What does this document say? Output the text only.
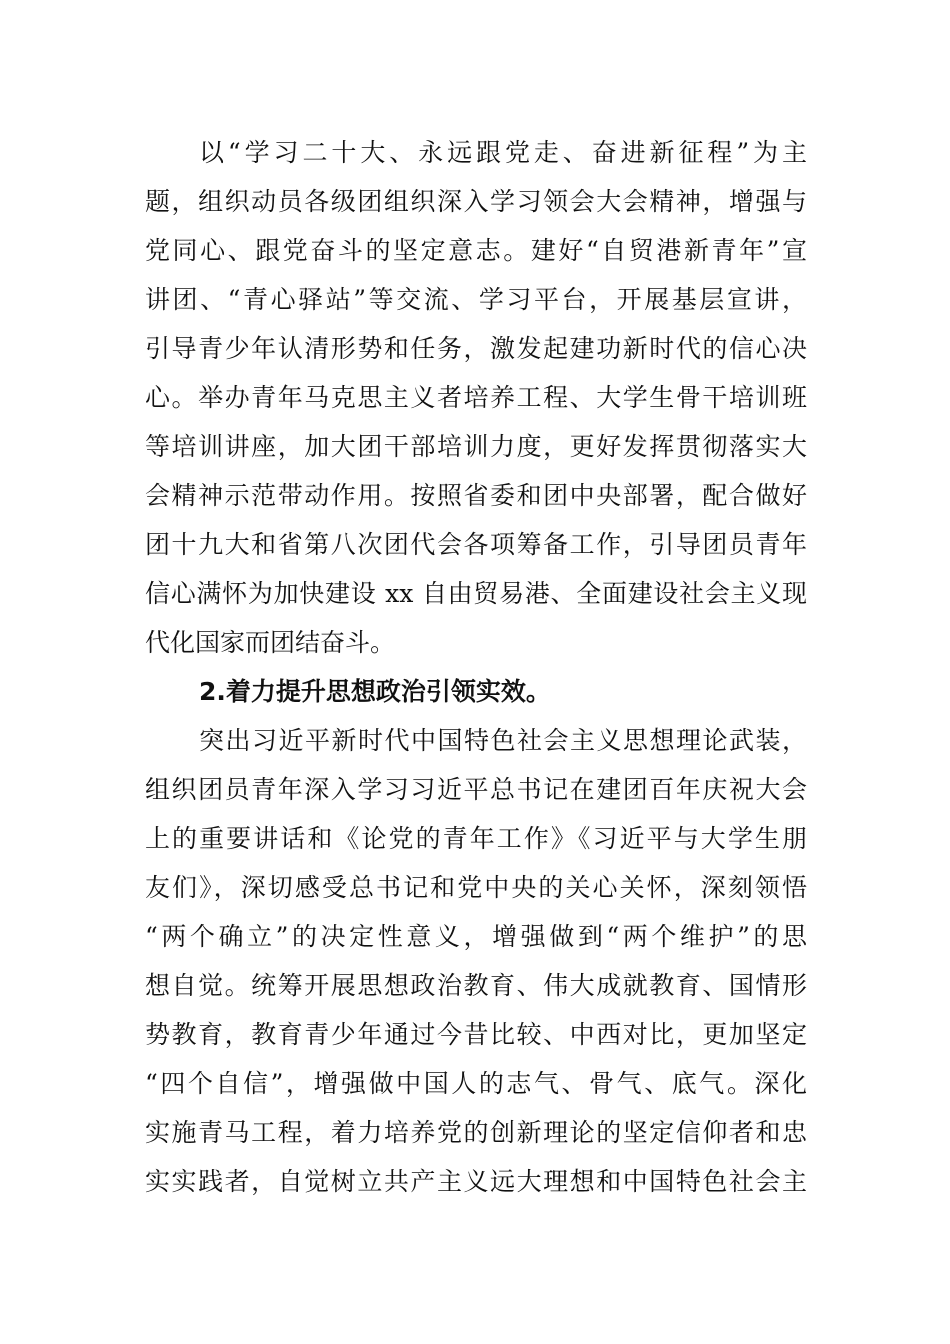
以“学习二十大、永远跟党走、奋进新征程”为主
题，组织动员各级团组织深入学习领会大会精神，增强与
党同心、跟党奋斗的坚定意志。建好“自贸港新青年”宣
讲团、“青心驿站”等交流、学习平台，开展基层宣讲，
引导青少年认清形势和任务，激发起建功新时代的信心决
心。举办青年马克思主义者培养工程、大学生骨干培训班
等培训讲座，加大团干部培训力度，更好发挥贯彻落实大
会精神示范带动作用。按照省委和团中央部署，配合做好
团十九大和省第八次团代会各项筹备工作，引导团员青年
信心满怀为加快建设 xx 自由贸易港、全面建设社会主义现
代化国家而团结奋斗。
2.着力提升思想政治引领实效。
突出习近平新时代中国特色社会主义思想理论武装，
组织团员青年深入学习习近平总书记在建团百年庆祝大会
上的重要讲话和《论党的青年工作》《习近平与大学生朋
友们》，深切感受总书记和党中央的关心关怀，深刻领悟
“两个确立”的决定性意义，增强做到“两个维护”的思
想自觉。统筹开展思想政治教育、伟大成就教育、国情形
势教育，教育青少年通过今昔比较、中西对比，更加坚定
“四个自信”，增强做中国人的志气、骨气、底气。深化
实施青马工程，着力培养党的创新理论的坚定信仰者和忠
实实践者，自觉树立共产主义远大理想和中国特色社会主
